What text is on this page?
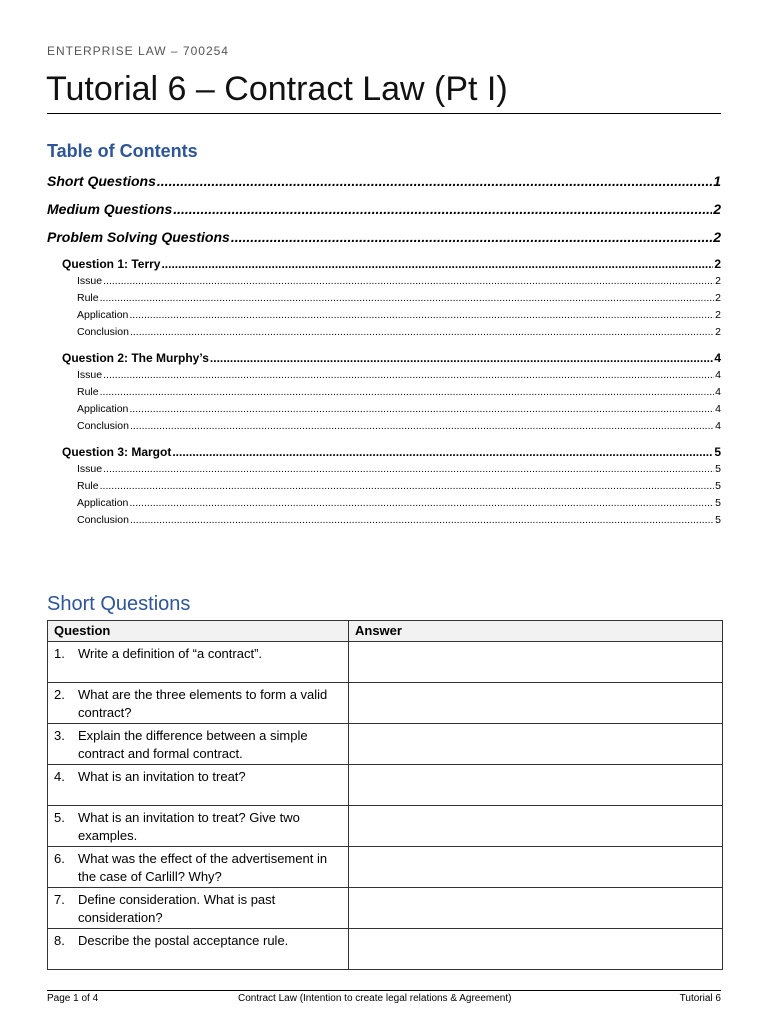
ENTERPRISE LAW – 700254
Tutorial 6 – Contract Law (Pt I)
Table of Contents
Short Questions .....	1
Medium Questions .....	2
Problem Solving Questions .....	2
Question 1: Terry .....	2
Issue .....	2
Rule .....	2
Application .....	2
Conclusion .....	2
Question 2: The Murphy’s .....	4
Issue .....	4
Rule .....	4
Application .....	4
Conclusion .....	4
Question 3: Margot .....	5
Issue .....	5
Rule .....	5
Application .....	5
Conclusion .....	5
Short Questions
Question	Answer

1. Write a definition of “a contract”.	

2. What are the three elements to form a valid contract?	

3. Explain the difference between a simple contract and formal contract.	

4. What is an invitation to treat?	

5. What is an invitation to treat? Give two examples.	

6. What was the effect of the advertisement in the case of Carlill? Why?	

7. Define consideration. What is past consideration?	

8. Describe the postal acceptance rule.	

Page 1 of 4	Contract Law (Intention to create legal relations & Agreement)	Tutorial 6
